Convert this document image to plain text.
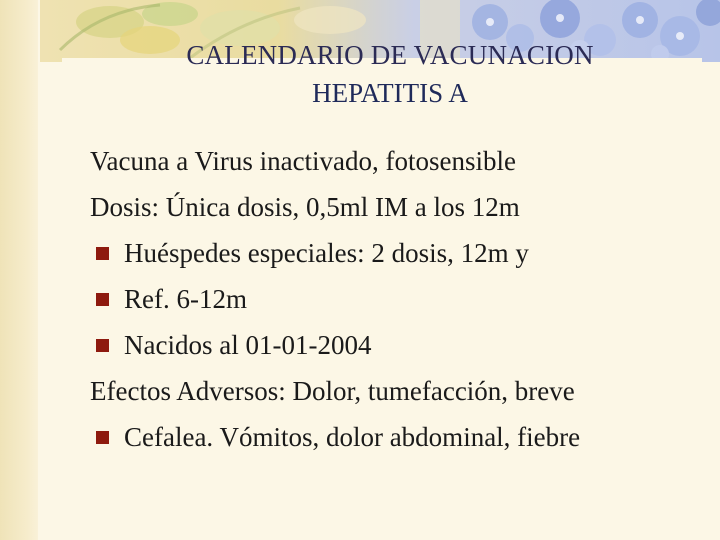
CALENDARIO DE VACUNACION
HEPATITIS A
Vacuna a Virus inactivado, fotosensible
Dosis: Única dosis, 0,5ml IM a los 12m
Huéspedes especiales: 2 dosis, 12m y
Ref. 6-12m
Nacidos al 01-01-2004
Efectos Adversos: Dolor, tumefacción, breve
Cefalea. Vómitos, dolor abdominal, fiebre
